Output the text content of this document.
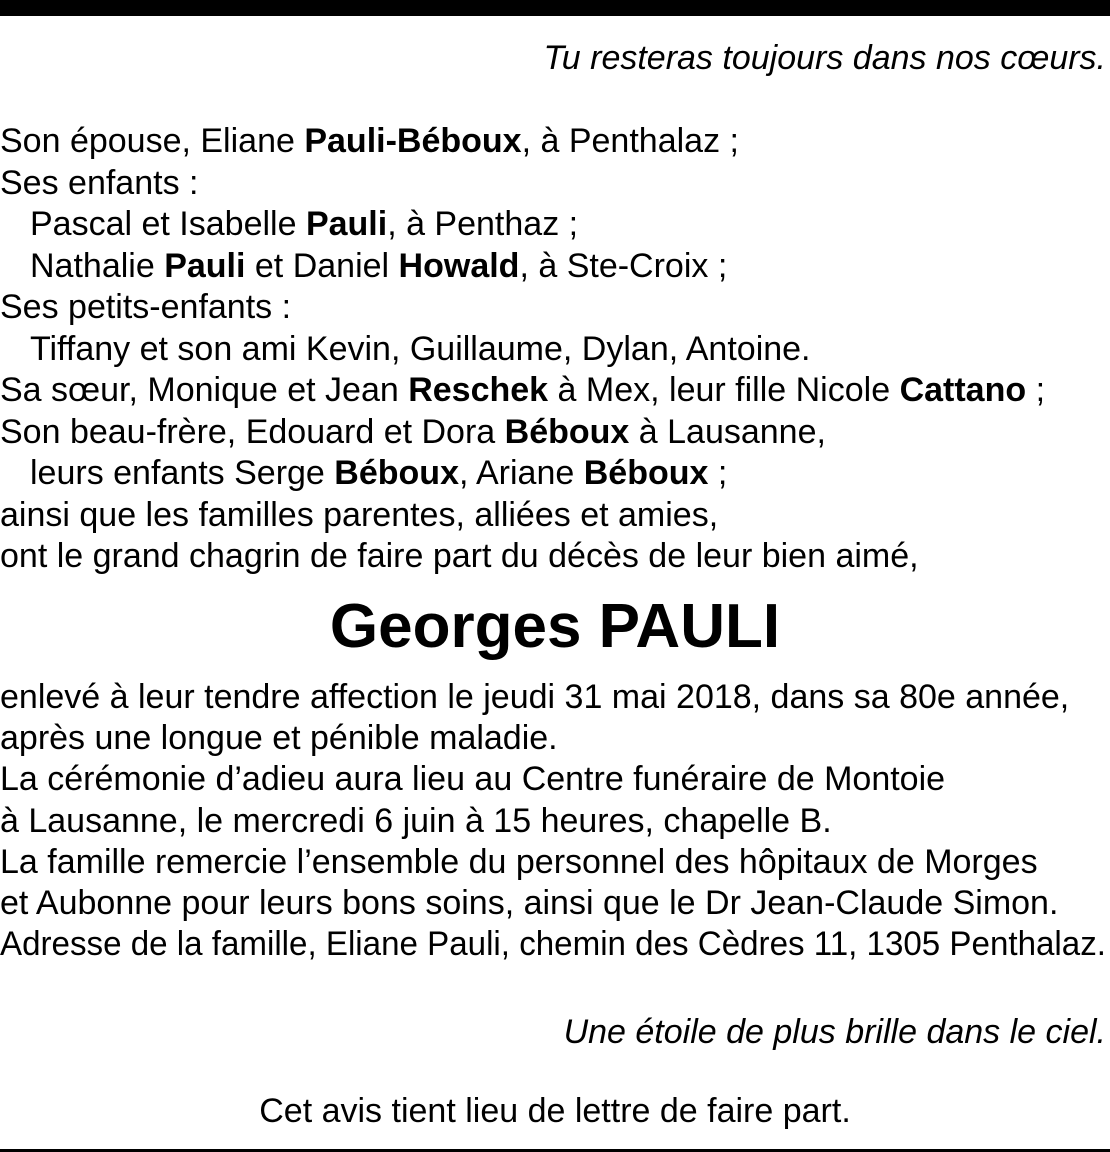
Tu resteras toujours dans nos cœurs.
Son épouse, Eliane Pauli-Béboux, à Penthalaz ;
Ses enfants :
Pascal et Isabelle Pauli, à Penthaz ;
Nathalie Pauli et Daniel Howald, à Ste-Croix ;
Ses petits-enfants :
Tiffany et son ami Kevin, Guillaume, Dylan, Antoine.
Sa sœur, Monique et Jean Reschek à Mex, leur fille Nicole Cattano ;
Son beau-frère, Edouard et Dora Béboux à Lausanne,
leurs enfants Serge Béboux, Ariane Béboux ;
ainsi que les familles parentes, alliées et amies,
ont le grand chagrin de faire part du décès de leur bien aimé,
Georges PAULI
enlevé à leur tendre affection le jeudi 31 mai 2018, dans sa 80e année,
après une longue et pénible maladie.
La cérémonie d’adieu aura lieu au Centre funéraire de Montoie
à Lausanne, le mercredi 6 juin à 15 heures, chapelle B.
La famille remercie l’ensemble du personnel des hôpitaux de Morges
et Aubonne pour leurs bons soins, ainsi que le Dr Jean-Claude Simon.
Adresse de la famille, Eliane Pauli, chemin des Cèdres 11, 1305 Penthalaz.
Une étoile de plus brille dans le ciel.
Cet avis tient lieu de lettre de faire part.
